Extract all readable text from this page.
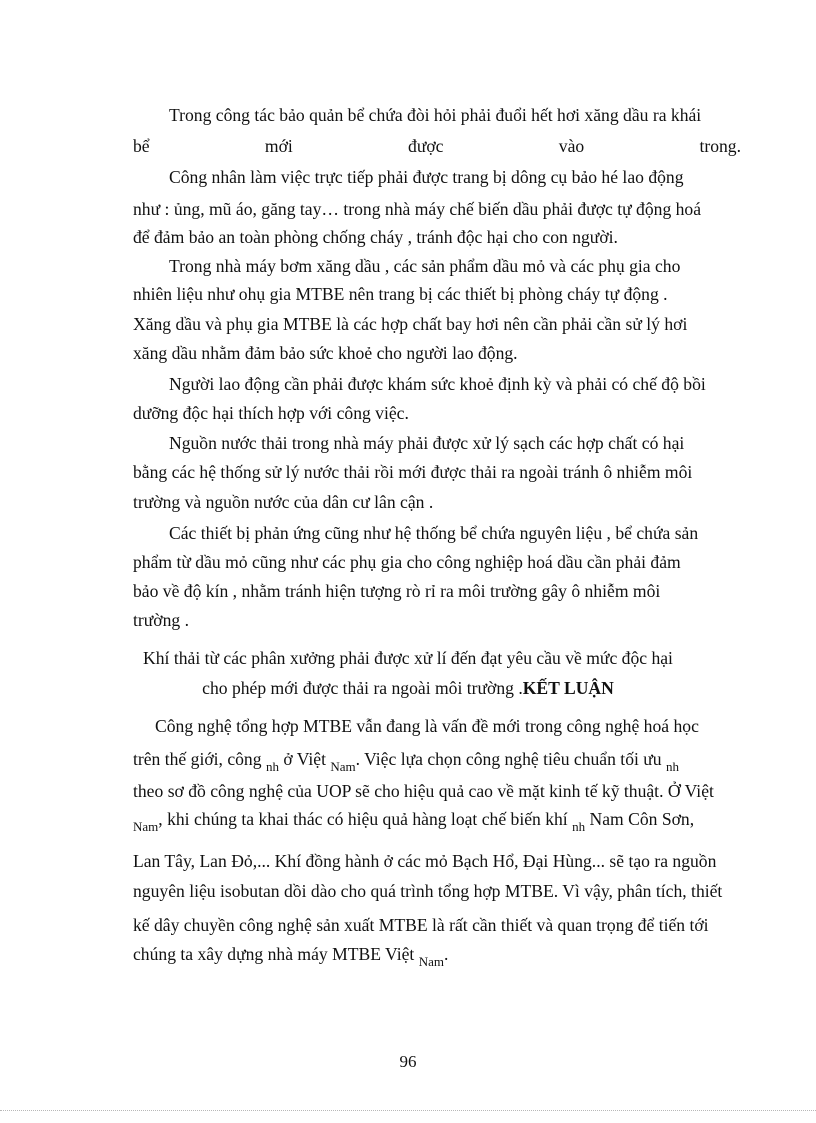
Trong công tác bảo quản bể chứa đòi hỏi phải đuổi hết hơi xăng dầu ra khái
bể mới được vào trong.
Công nhân làm việc trực tiếp phải được trang bị dông cụ bảo hé lao động
như : ủng, mũ áo, găng tay… trong nhà máy chế biến dầu phải được tự động hoá
để đảm bảo an toàn phòng chống cháy , tránh độc hại cho con người.
Trong nhà máy bơm xăng dầu , các sản phẩm dầu mỏ và các phụ gia cho
nhiên liệu như ohụ gia MTBE nên trang bị các thiết bị phòng cháy tự động .
Xăng dầu và phụ gia MTBE là các hợp chất bay hơi nên cần phải cần sử lý hơi
xăng dầu nhằm đảm bảo sức khoẻ cho người lao động.
Người lao động cần phải được khám sức khoẻ định kỳ và phải có chế độ bồi
dưỡng độc hại thích hợp với công việc.
Nguồn nước thải trong nhà máy phải được xử lý sạch các hợp chất có hại
bằng các hệ thống sử lý nước thải rồi mới được thải ra ngoài tránh ô nhiễm môi
trường và nguồn nước của dân cư lân cận .
Các thiết bị phản ứng cũng như hệ thống bể chứa nguyên liệu , bể chứa sản
phẩm từ dầu mỏ cũng như các phụ gia cho công nghiệp hoá dầu cần phải đảm
bảo về độ kín , nhằm tránh hiện tượng rò rỉ ra môi trường gây ô nhiễm môi
trường .
Khí thải từ các phân xưởng phải được xử lí đến đạt yêu cầu về mức độc hại
cho phép mới được thải ra ngoài môi trường .KẾT LUẬN
Công nghệ tổng hợp MTBE vẫn đang là vấn đề mới trong công nghệ hoá học
trên thế giới, công $_{nh}$ ở Việt $_{Nam}$. Việc lựa chọn công nghệ tiêu chuẩn tối ưu $_{nh}$
theo sơ đồ công nghệ của UOP sẽ cho hiệu quả cao về mặt kinh tế kỹ thuật. Ở Việt
$_{Nam}$, khi chúng ta khai thác có hiệu quả hàng loạt chế biến khí $_{nh}$ Nam Côn Sơn,
Lan Tây, Lan Đỏ,... Khí đồng hành ở các mỏ Bạch Hổ, Đại Hùng... sẽ tạo ra nguồn
nguyên liệu isobutan dồi dào cho quá trình tổng hợp MTBE. Vì vậy, phân tích, thiết
kế dây chuyền công nghệ sản xuất MTBE là rất cần thiết và quan trọng để tiến tới
chúng ta xây dựng nhà máy MTBE Việt $_{Nam}$.
96
